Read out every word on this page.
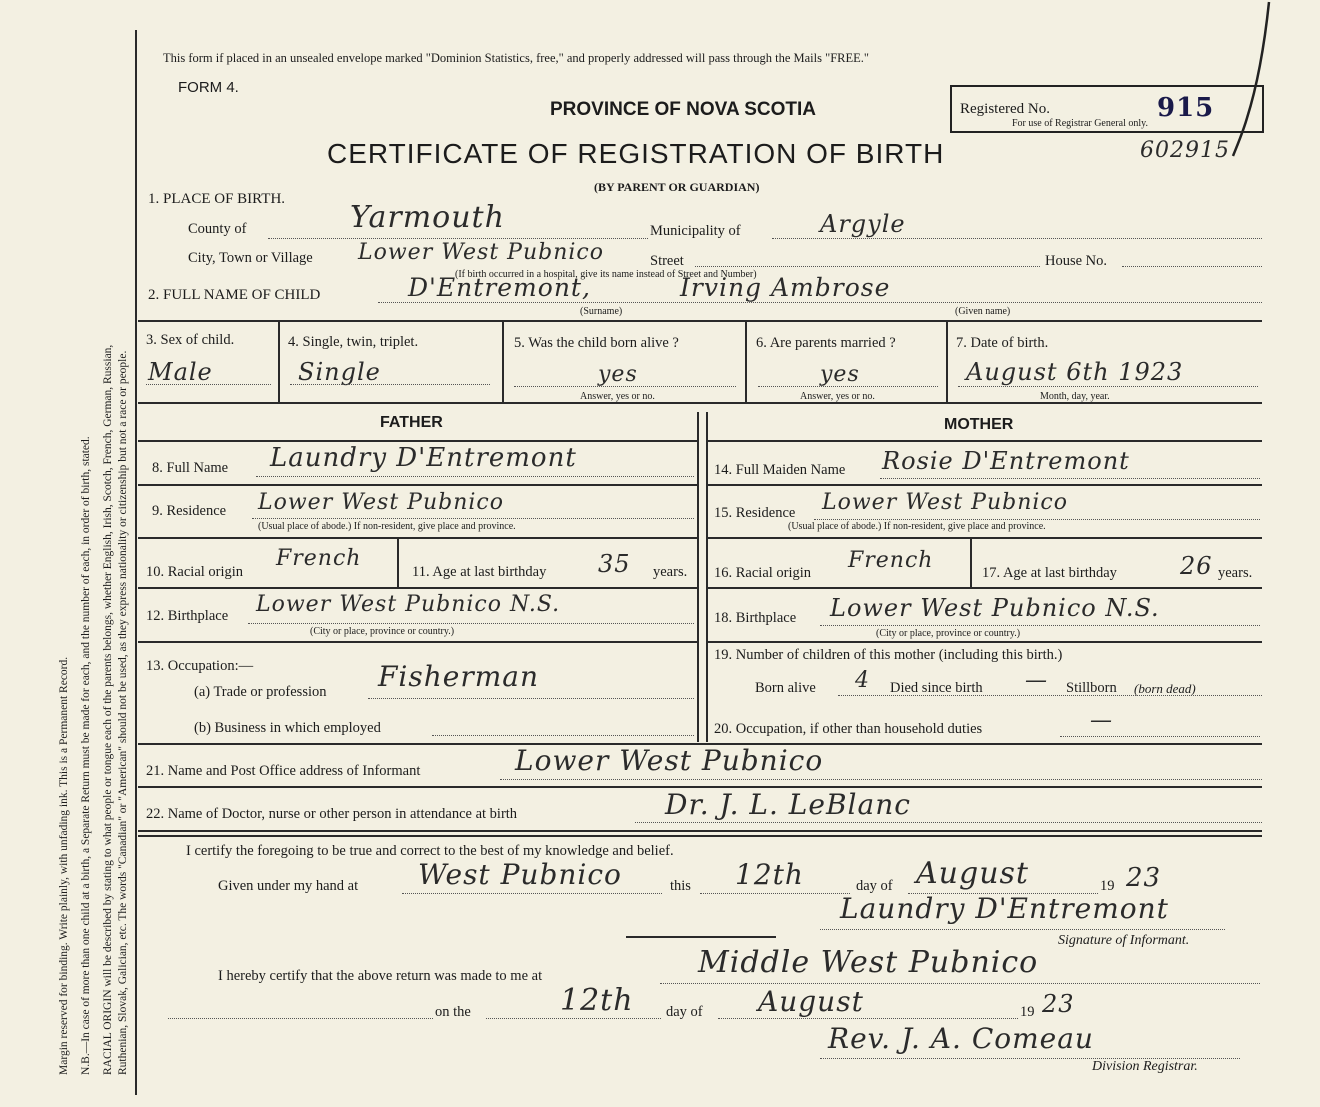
Margin reserved for binding. Write plainly, with unfading ink. This is a Permanent Record. N.B.—In case of more than one child at a birth, a Separate Return must be made for each, and the number of each, in order of birth, stated. RACIAL ORIGIN will be described by stating to what people or tongue each of the parents belongs, whether English, Irish, Scotch, French, German, Russian, Ruthenian, Slovak, Galician, etc. The words "Canadian" or "American" should not be used, as they express nationality or citizenship but not a race or people.
This form if placed in an unsealed envelope marked "Dominion Statistics, free," and properly addressed will pass through the Mails "FREE."
FORM 4.
PROVINCE OF NOVA SCOTIA
CERTIFICATE OF REGISTRATION OF BIRTH
(BY PARENT OR GUARDIAN)
Registered No.	915
For use of Registrar General only.
602915
1. PLACE OF BIRTH.
County of	Yarmouth	Municipality of	Argyle
City, Town or Village Lower West Pubnico	Street	House No.
(If birth occurred in a hospital, give its name instead of Street and Number)
2. FULL NAME OF CHILD	D'Entremont,	Irving Ambrose
(Surname)	(Given name)
3. Sex of child.
Male
4. Single, twin, triplet.
Single
5. Was the child born alive ?
yes
Answer, yes or no.
6. Are parents married ?
yes
Answer, yes or no.
7. Date of birth.
August 6th 1923
Month, day, year.
FATHER	MOTHER
8. Full Name Laundry D'Entremont
9. Residence Lower West Pubnico
(Usual place of abode.) If non-resident, give place and province.
10. Racial origin
French
11. Age at last birthday 35 years.
12. Birthplace Lower West Pubnico N.S.
(City or place, province or country.)
13. Occupation:—
(a) Trade or profession Fisherman
(b) Business in which employed
14. Full Maiden Name Rosie D'Entremont
15. Residence Lower West Pubnico
(Usual place of abode.) If non-resident, give place and province.
16. Racial origin French	17. Age at last birthday	26 years.
18. Birthplace Lower West Pubnico N.S.
(City or place, province or country.)
19. Number of children of this mother (including this birth.)
Born alive 4 Died since birth — Stillborn (born dead)
20. Occupation, if other than household duties	—
21. Name and Post Office address of Informant	Lower West Pubnico
22. Name of Doctor, nurse or other person in attendance at birth	Dr. J. L. LeBlanc
I certify the foregoing to be true and correct to the best of my knowledge and belief.
Given under my hand at West Pubnico	this 12th	day of August	19 23
Laundry D'Entremont
Signature of Informant.
I hereby certify that the above return was made to me at	Middle West Pubnico
on the	12th day of August	19 23
Rev. J. A. Comeau
Division Registrar.
